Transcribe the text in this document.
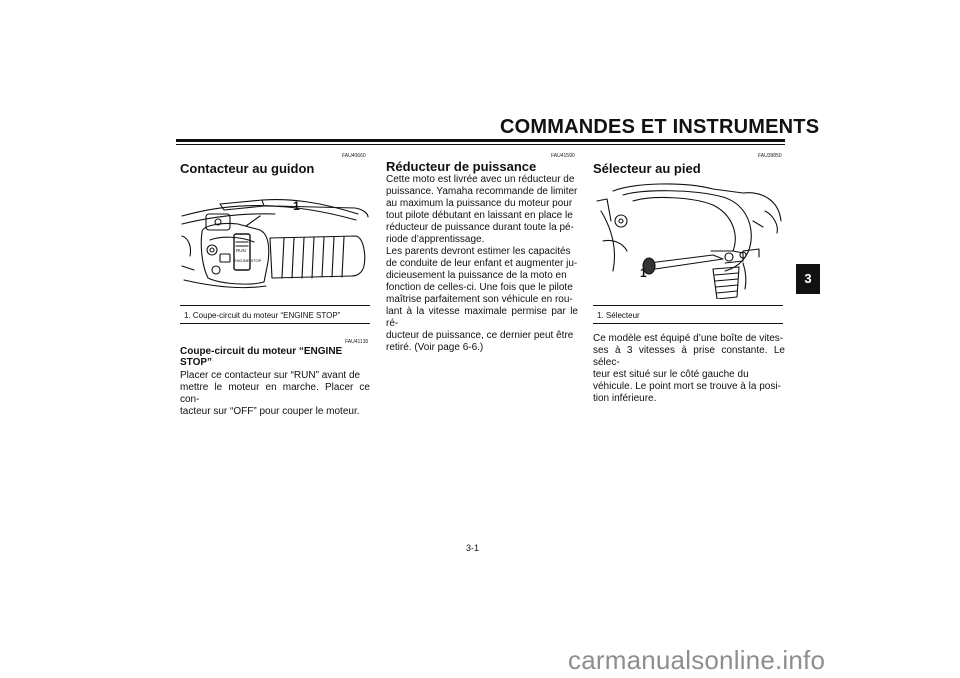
COMMANDES ET INSTRUMENTS
3
FAU40660
Contacteur au guidon
RUN
ENGINE STOP
1
1. Coupe-circuit du moteur “ENGINE STOP”
FAU41130
Coupe-circuit du moteur “ENGINE
STOP”
Placer ce contacteur sur “RUN” avant de
mettre le moteur en marche. Placer ce con-
tacteur sur “OFF” pour couper le moteur.
FAU41590
Réducteur de puissance
Cette moto est livrée avec un réducteur de
puissance. Yamaha recommande de limiter
au maximum la puissance du moteur pour
tout pilote débutant en laissant en place le
réducteur de puissance durant toute la pé-
riode d’apprentissage.
Les parents devront estimer les capacités
de conduite de leur enfant et augmenter ju-
dicieusement la puissance de la moto en
fonction de celles-ci. Une fois que le pilote
maîtrise parfaitement son véhicule en rou-
lant à la vitesse maximale permise par le ré-
ducteur de puissance, ce dernier peut être
retiré. (Voir page 6-6.)
FAU39850
Sélecteur au pied
1
1. Sélecteur
Ce modèle est équipé d’une boîte de vites-
ses à 3 vitesses à prise constante. Le sélec-
teur est situé sur le côté gauche du
véhicule. Le point mort se trouve à la posi-
tion inférieure.
3-1
carmanualsonline.info
